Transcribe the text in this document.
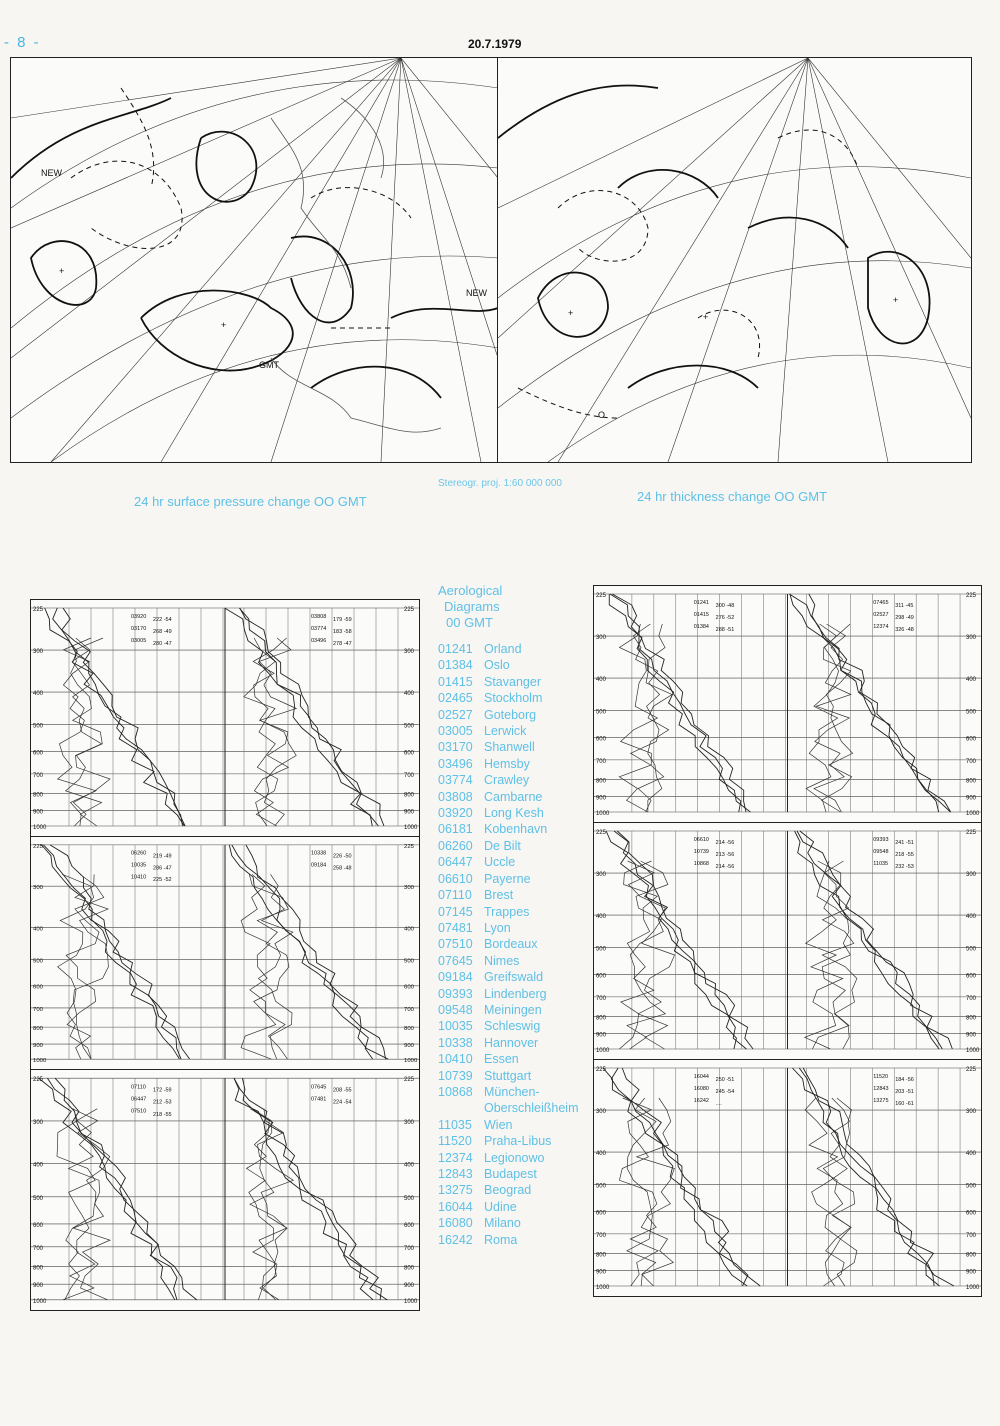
- 8 -	20.7.1979
+
NEW
NEW
+
GMT
+
+
+
O
Stereogr. proj. 1:60 000 000
24 hr surface pressure change OO GMT	24 hr thickness change OO GMT
Aerological
Diagrams
00 GMT
01241 Orland
01384 Oslo
01415 Stavanger
02465 Stockholm
02527 Goteborg
03005 Lerwick
03170 Shanwell
03496 Hemsby
03774 Crawley
03808 Cambarne
03920 Long Kesh
06181 Kobenhavn
06260 De Bilt
06447 Uccle
06610 Payerne
07110 Brest
07145 Trappes
07481 Lyon
07510 Bordeaux
07645 Nimes
09184 Greifswald
09393 Lindenberg
09548 Meiningen
10035 Schleswig
10338 Hannover
10410 Essen
10739 Stuttgart
10868 München-
Oberschleißheim
11035 Wien
11520 Praha-Libus
12374 Legionowo
12843 Budapest
13275 Beograd
16044 Udine
16080 Milano
16242 Roma
225	225
300	300
400	400
500	500
600	600
700	700
800	800
900	900
1000	1000
03920 222 -54
03170 268 -49
03005 280 -47
03808 179 -59
03774 183 -58
03496 278 -47
225	225
300	300
400	400
500	500
600	600
700	700
800	800
900	900
1000	1000
06260 219 -49
10035 286 -47
10410 225 -52
10338 226 -50
09184 258 -48
225	225
300	300
400	400
500	500
600	600
700	700
800	800
900	900
1000	1000
07110
172 -59
06447
212 -53
07510
218 -55
07645
208 -55
07481
224 -54
225	225
300	300
400	400
500	500
600	600
700	700
800	800
900	900
1000	1000
01241 300 -48
01415 276 -52
01384 288 -51
07465 311 -45
02527 298 -49
12374 326 -48
225	225
300	300
400	400
500	500
600	600
700	700
800	800
900	900
1000	1000
06610 214 -56
10739 213 -56
10868 214 -56
09393 241 -51
09548 218 -55
11035 232 -53
225	225
300	300
400	400
500	500
600	600
700	700
800	800
900	900
1000	1000
16044 250 -51
16080 245 -54
16242 ....
11520 184 -56
12843 203 -51
13275 160 -61
